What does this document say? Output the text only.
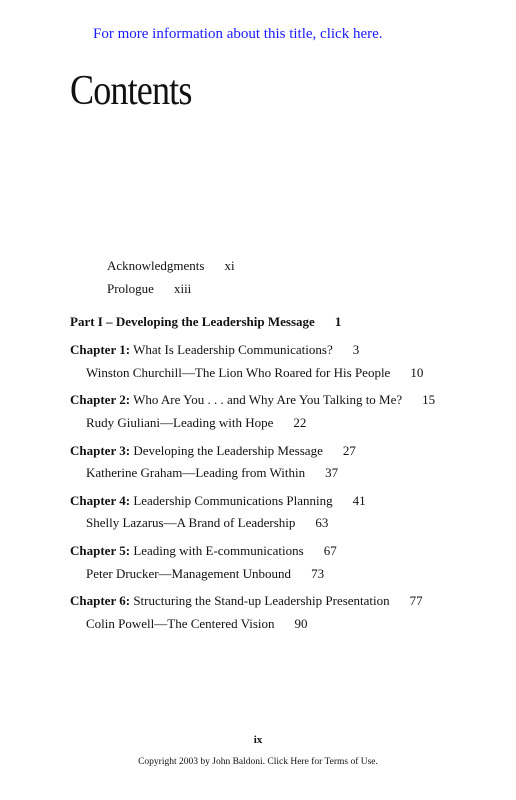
For more information about this title, click here.
Contents
Acknowledgments xi
Prologue xiii
Part I – Developing the Leadership Message 1
Chapter 1: What Is Leadership Communications? 3
Winston Churchill—The Lion Who Roared for His People 10
Chapter 2: Who Are You . . . and Why Are You Talking to Me? 15
Rudy Giuliani—Leading with Hope 22
Chapter 3: Developing the Leadership Message 27
Katherine Graham—Leading from Within 37
Chapter 4: Leadership Communications Planning 41
Shelly Lazarus—A Brand of Leadership 63
Chapter 5: Leading with E-communications 67
Peter Drucker—Management Unbound 73
Chapter 6: Structuring the Stand-up Leadership Presentation 77
Colin Powell—The Centered Vision 90
ix
Copyright 2003 by John Baldoni. Click Here for Terms of Use.
